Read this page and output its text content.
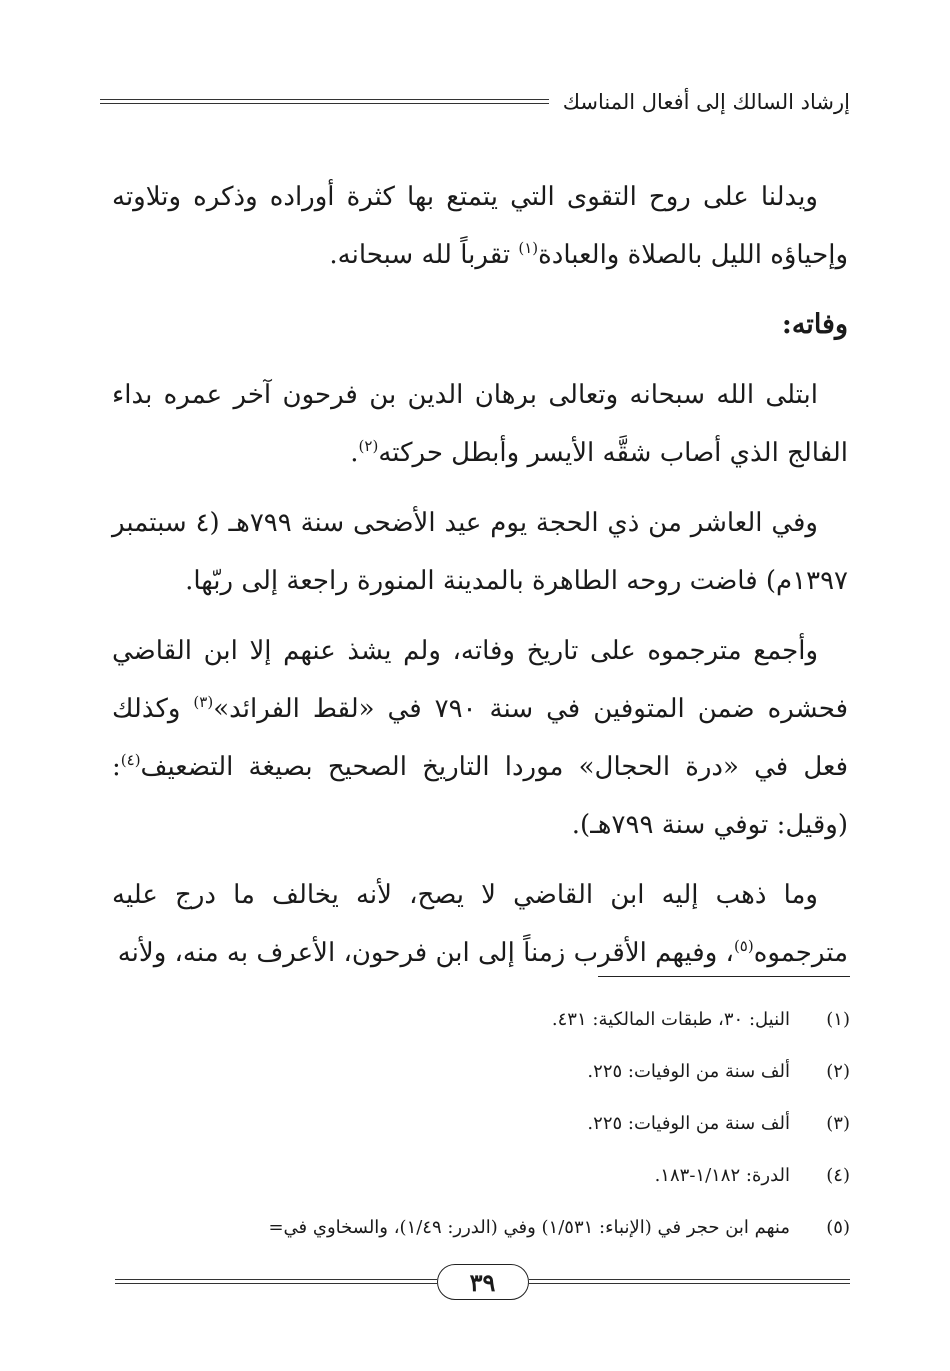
إرشاد السالك إلى أفعال المناسك

ويدلنا على روح التقوى التي يتمتع بها كثرة أوراده وذكره وتلاوته وإحياؤه الليل بالصلاة والعبادة$^{(١)}$ تقرباً لله سبحانه.

وفاته:

ابتلى الله سبحانه وتعالى برهان الدين بن فرحون آخر عمره بداء الفالج الذي أصاب شقَّه الأيسر وأبطل حركته$^{(٢)}$.

وفي العاشر من ذي الحجة يوم عيد الأضحى سنة ٧٩٩هـ (٤ سبتمبر ١٣٩٧م) فاضت روحه الطاهرة بالمدينة المنورة راجعة إلى ربّها.

وأجمع مترجموه على تاريخ وفاته، ولم يشذ عنهم إلا ابن القاضي فحشره ضمن المتوفين في سنة ٧٩٠ في «لقط الفرائد»$^{(٣)}$ وكذلك فعل في «درة الحجال» موردا التاريخ الصحيح بصيغة التضعيف$^{(٤)}$: (وقيل: توفي سنة ٧٩٩هـ).

وما ذهب إليه ابن القاضي لا يصح، لأنه يخالف ما درج عليه مترجموه$^{(٥)}$، وفيهم الأقرب زمناً إلى ابن فرحون، الأعرف به منه، ولأنه

(١)
النيل: ٣٠، طبقات المالكية: ٤٣١.
(٢)
ألف سنة من الوفيات: ٢٢٥.
(٣)
ألف سنة من الوفيات: ٢٢٥.
(٤)
الدرة: ١/١٨٢-١٨٣.
(٥)
منهم ابن حجر في (الإنباء: ١/٥٣١) وفي (الدرر: ١/٤٩)، والسخاوي في=
٣٩
